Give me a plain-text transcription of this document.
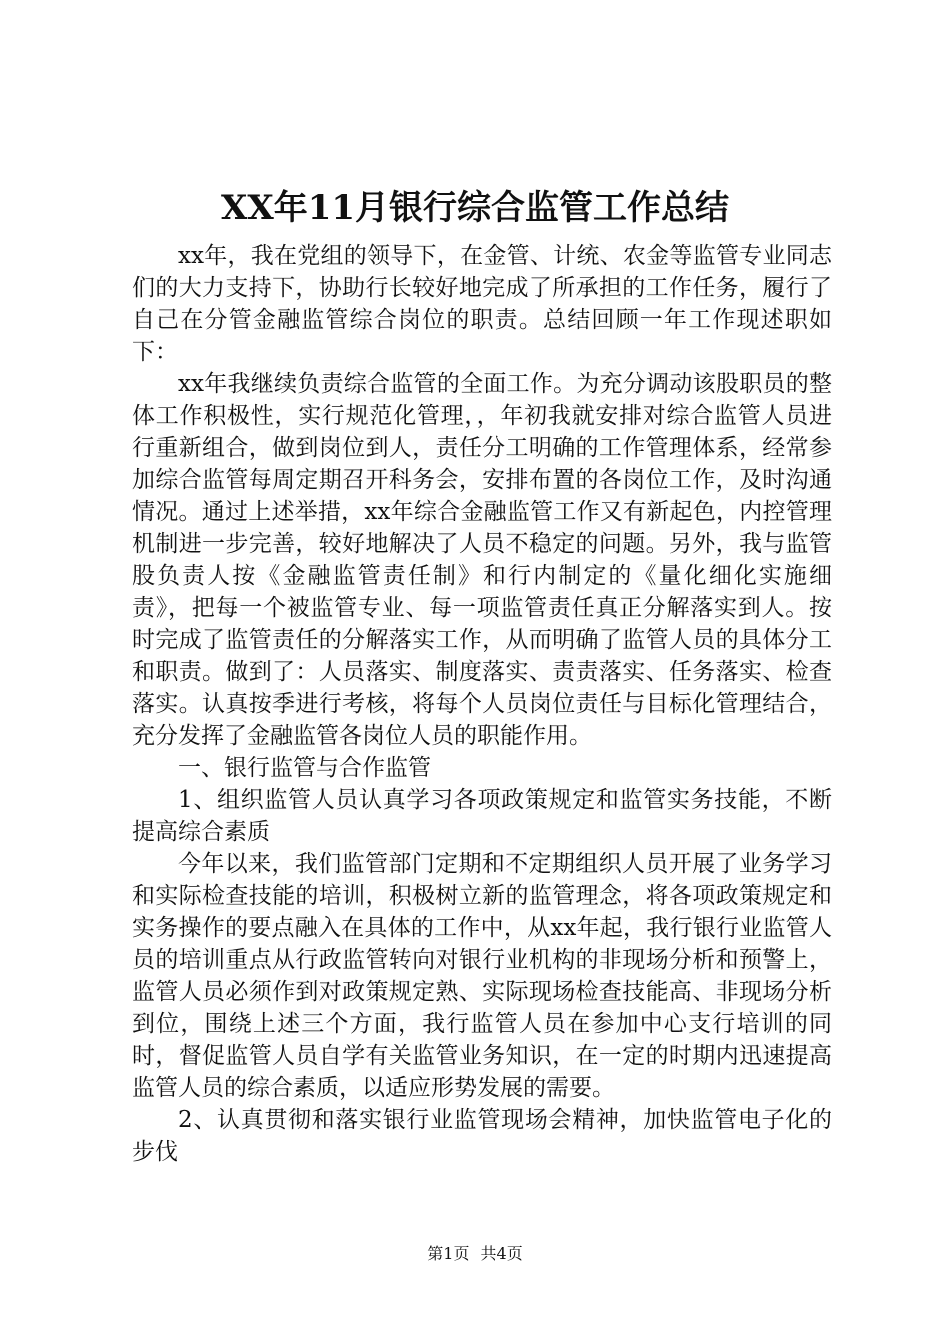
XX年11月银行综合监管工作总结

xx年，我在党组的领导下，在金管、计统、农金等监管专业同志们的大力支持下，协助行长较好地完成了所承担的工作任务，履行了自己在分管金融监管综合岗位的职责。总结回顾一年工作现述职如下：

xx年我继续负责综合监管的全面工作。为充分调动该股职员的整体工作积极性，实行规范化管理，，年初我就安排对综合监管人员进行重新组合，做到岗位到人，责任分工明确的工作管理体系，经常参加综合监管每周定期召开科务会，安排布置的各岗位工作，及时沟通情况。通过上述举措，xx年综合金融监管工作又有新起色，内控管理机制进一步完善，较好地解决了人员不稳定的问题。另外，我与监管股负责人按《金融监管责任制》和行内制定的《量化细化实施细责》，把每一个被监管专业、每一项监管责任真正分解落实到人。按时完成了监管责任的分解落实工作，从而明确了监管人员的具体分工和职责。做到了：人员落实、制度落实、责责落实、任务落实、检查落实。认真按季进行考核，将每个人员岗位责任与目标化管理结合，充分发挥了金融监管各岗位人员的职能作用。

一、银行监管与合作监管

1、组织监管人员认真学习各项政策规定和监管实务技能，不断提高综合素质

今年以来，我们监管部门定期和不定期组织人员开展了业务学习和实际检查技能的培训，积极树立新的监管理念，将各项政策规定和实务操作的要点融入在具体的工作中，从xx年起，我行银行业监管人员的培训重点从行政监管转向对银行业机构的非现场分析和预警上，监管人员必须作到对政策规定熟、实际现场检查技能高、非现场分析到位，围绕上述三个方面，我行监管人员在参加中心支行培训的同时，督促监管人员自学有关监管业务知识，在一定的时期内迅速提高监管人员的综合素质，以适应形势发展的需要。

2、认真贯彻和落实银行业监管现场会精神，加快监管电子化的步伐

第1页 共4页
